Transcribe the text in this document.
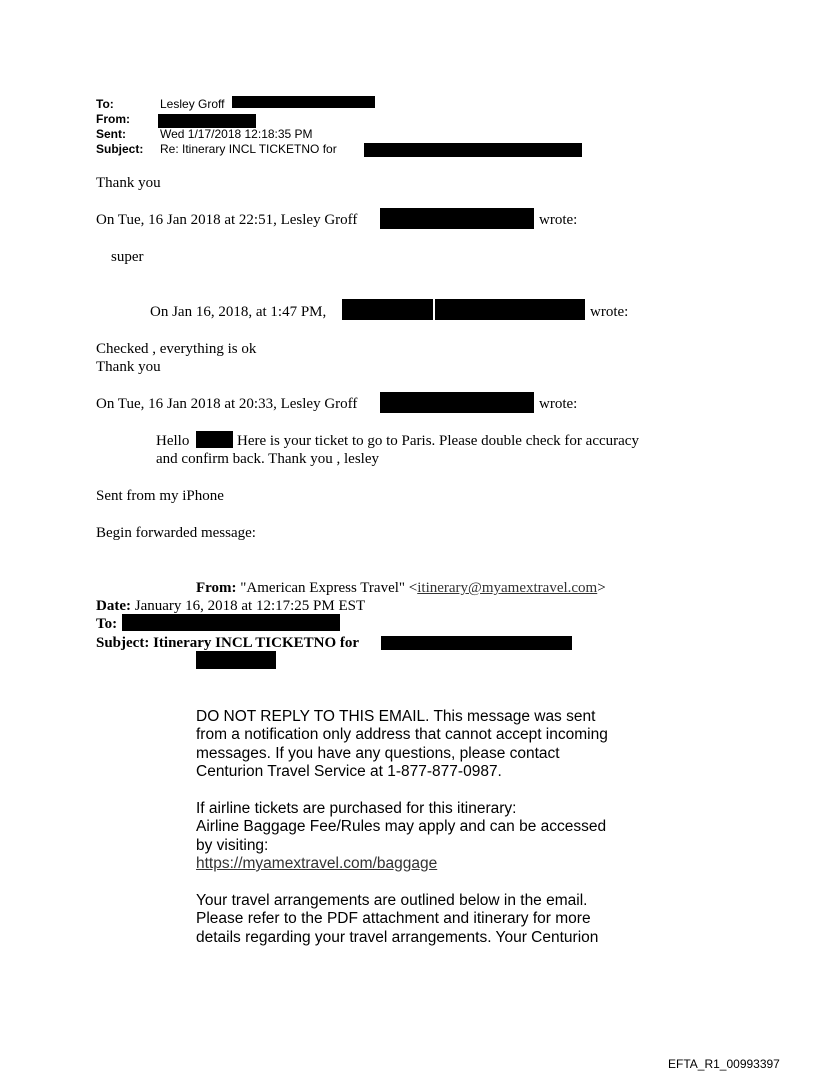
To:	Lesley Groff
From:
Sent:	Wed 1/17/2018 12:18:35 PM
Subject: Re: Itinerary INCL TICKETNO for
Thank you
On Tue, 16 Jan 2018 at 22:51, Lesley Groff	wrote:
super
On Jan 16, 2018, at 1:47 PM,	wrote:
Checked , everything is ok
Thank you
On Tue, 16 Jan 2018 at 20:33, Lesley Groff	wrote:
Hello	Here is your ticket to go to Paris. Please double check for accuracy
and confirm back. Thank you , lesley
Sent from my iPhone
Begin forwarded message:
From: "American Express Travel" <itinerary@myamextravel.com>
Date: January 16, 2018 at 12:17:25 PM EST
To:
Subject: Itinerary INCL TICKETNO for
DO NOT REPLY TO THIS EMAIL. This message was sent
from a notification only address that cannot accept incoming
messages. If you have any questions, please contact
Centurion Travel Service at 1-877-877-0987.
If airline tickets are purchased for this itinerary:
Airline Baggage Fee/Rules may apply and can be accessed
by visiting:
https://myamextravel.com/baggage
Your travel arrangements are outlined below in the email.
Please refer to the PDF attachment and itinerary for more
details regarding your travel arrangements. Your Centurion
EFTA_R1_00993397
